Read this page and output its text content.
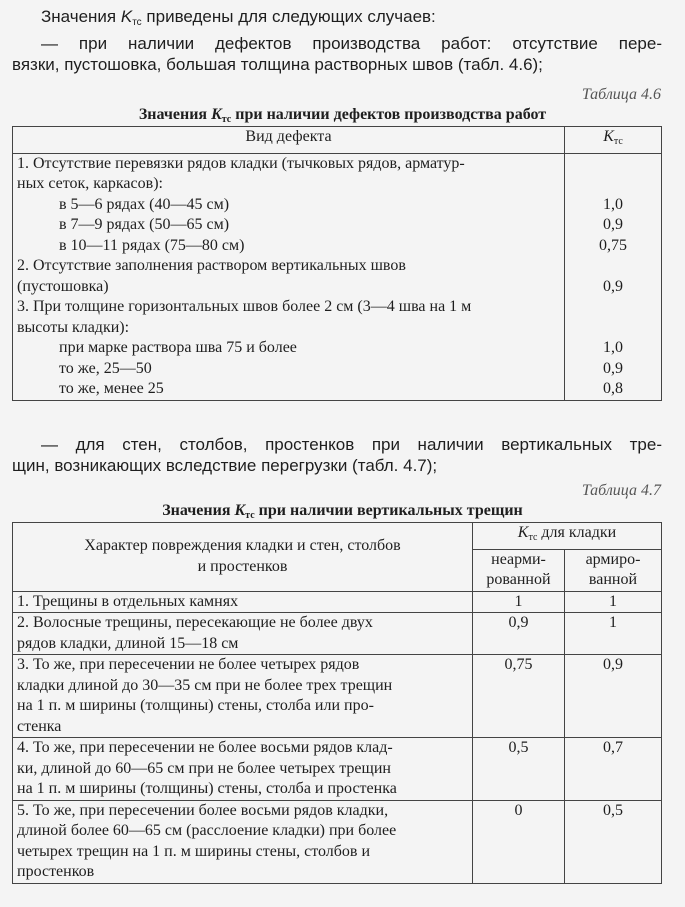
Значения $K_{тс}$ приведены для следующих случаев:
— при наличии дефектов производства работ: отсутствие пере-
вязки, пустошовка, большая толщина растворных швов (табл. 4.6);
Таблица 4.6
Значения $K_{тс}$ при наличии дефектов производства работ
Вид дефекта	$K_{тс}$
1. Отсутствие перевязки рядов кладки (тычковых рядов, арматур-	
ных сеток, каркасов):	
в 5—6 рядах (40—45 см)	1,0
в 7—9 рядах (50—65 см)	0,9
в 10—11 рядах (75—80 см)	0,75
2. Отсутствие заполнения раствором вертикальных швов	
(пустошовка)	0,9
3. При толщине горизонтальных швов более 2 см (3—4 шва на 1 м	
высоты кладки):	
при марке раствора шва 75 и более	1,0
то же, 25—50	0,9
то же, менее 25	0,8
— для стен, столбов, простенков при наличии вертикальных тре-
щин, возникающих вследствие перегрузки (табл. 4.7);
Таблица 4.7
Значения $K_{тс}$ при наличии вертикальных трещин
Характер повреждения кладки и стен, столбов
и простенков	$K_{тс}$ для кладки	
	неарми-
рованной	армиро-
ванной

1. Трещины в отдельных камнях	1	1

2. Волосные трещины, пересекающие не более двух
рядов кладки, длиной 15—18 см	0,9	1

3. То же, при пересечении не более четырех рядов
кладки длиной до 30—35 см при не более трех трещин
на 1 п. м ширины (толщины) стены, столба или про-
стенка	0,75	0,9

4. То же, при пересечении не более восьми рядов клад-
ки, длиной до 60—65 см при не более четырех трещин
на 1 п. м ширины (толщины) стены, столба и простенка	0,5	0,7

5. То же, при пересечении более восьми рядов кладки,
длиной более 60—65 см (расслоение кладки) при более
четырех трещин на 1 п. м ширины стены, столбов и
простенков	0	0,5
